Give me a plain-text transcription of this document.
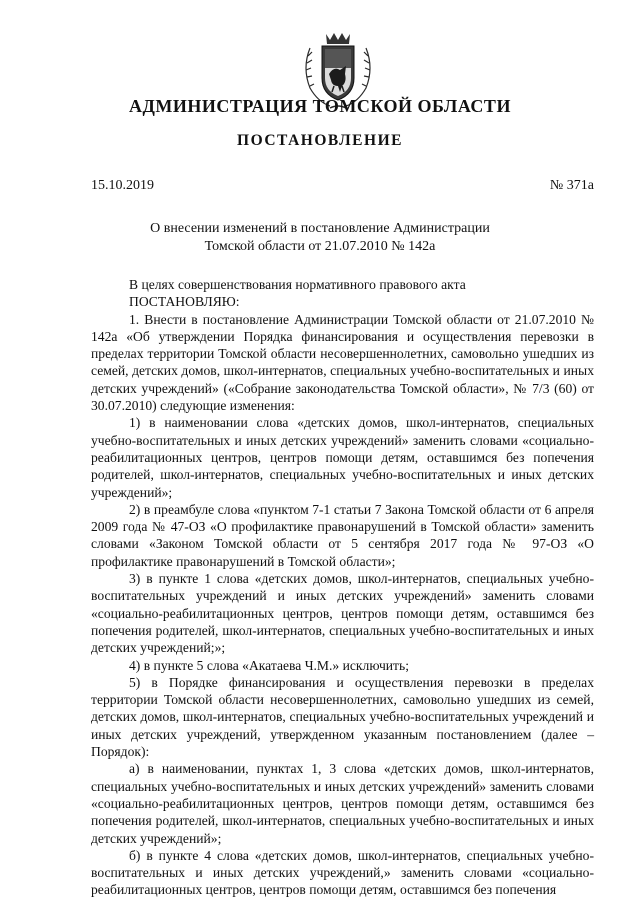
АДМИНИСТРАЦИЯ ТОМСКОЙ ОБЛАСТИ
ПОСТАНОВЛЕНИЕ
15.10.2019	№ 371а
О внесении изменений в постановление Администрации
Томской области от 21.07.2010 № 142а

В целях совершенствования нормативного правового акта

ПОСТАНОВЛЯЮ:

1. Внести в постановление Администрации Томской области от 21.07.2010 № 142а «Об утверждении Порядка финансирования и осуществления перевозки в пределах территории Томской области несовершеннолетних, самовольно ушедших из семей, детских домов, школ-интернатов, специальных учебно-воспитательных и иных детских учреждений» («Собрание законодательства Томской области», № 7/3 (60) от 30.07.2010) следующие изменения:

1) в наименовании слова «детских домов, школ-интернатов, специальных учебно-воспитательных и иных детских учреждений» заменить словами «социально-реабилитационных центров, центров помощи детям, оставшимся без попечения родителей, школ-интернатов, специальных учебно-воспитательных и иных детских учреждений»;

2) в преамбуле слова «пунктом 7-1 статьи 7 Закона Томской области от 6 апреля 2009 года № 47-ОЗ «О профилактике правонарушений в Томской области» заменить словами «Законом Томской области от 5 сентября 2017 года № 97-ОЗ «О профилактике правонарушений в Томской области»;

3) в пункте 1 слова «детских домов, школ-интернатов, специальных учебно-воспитательных учреждений и иных детских учреждений» заменить словами «социально-реабилитационных центров, центров помощи детям, оставшимся без попечения родителей, школ-интернатов, специальных учебно-воспитательных и иных детских учреждений;»;

4) в пункте 5 слова «Акатаева Ч.М.» исключить;

5) в Порядке финансирования и осуществления перевозки в пределах территории Томской области несовершеннолетних, самовольно ушедших из семей, детских домов, школ-интернатов, специальных учебно-воспитательных учреждений и иных детских учреждений, утвержденном указанным постановлением (далее – Порядок):

а) в наименовании, пунктах 1, 3 слова «детских домов, школ-интернатов, специальных учебно-воспитательных и иных детских учреждений» заменить словами «социально-реабилитационных центров, центров помощи детям, оставшимся без попечения родителей, школ-интернатов, специальных учебно-воспитательных и иных детских учреждений»;

б) в пункте 4 слова «детских домов, школ-интернатов, специальных учебно-воспитательных и иных детских учреждений,» заменить словами «социально-реабилитационных центров, центров помощи детям, оставшимся без попечения
